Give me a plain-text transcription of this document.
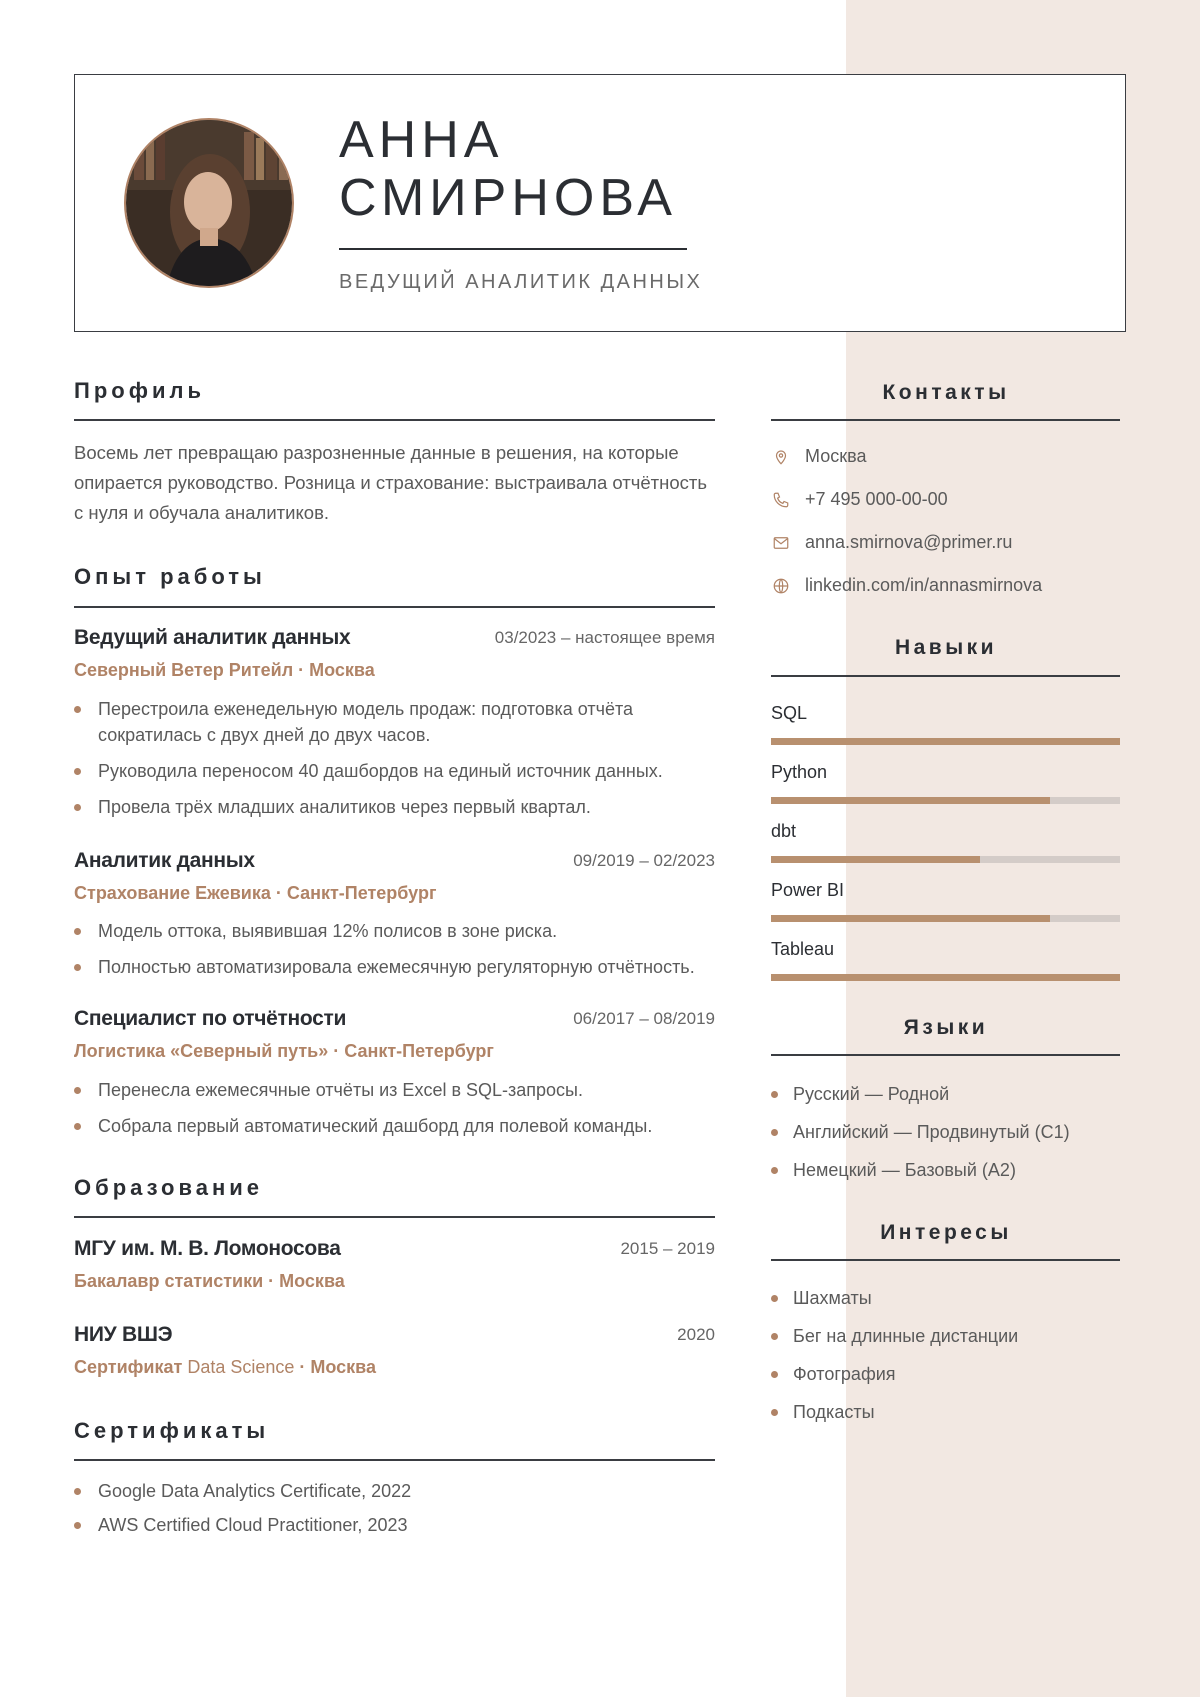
АННА
СМИРНОВА
ВЕДУЩИЙ АНАЛИТИК ДАННЫХ
Профиль
Восемь лет превращаю разрозненные данные в решения, на которые опирается руководство. Розница и страхование: выстраивала отчётность с нуля и обучала аналитиков.
Опыт работы
Ведущий аналитик данных	03/2023 – настоящее время
Северный Ветер Ритейл · Москва
Перестроила еженедельную модель продаж: подготовка отчёта сократилась с двух дней до двух часов.
Руководила переносом 40 дашбордов на единый источник данных.
Провела трёх младших аналитиков через первый квартал.
Аналитик данных	09/2019 – 02/2023
Страхование Ежевика · Санкт-Петербург
Модель оттока, выявившая 12% полисов в зоне риска.
Полностью автоматизировала ежемесячную регуляторную отчётность.
Специалист по отчётности	06/2017 – 08/2019
Логистика «Северный путь» · Санкт-Петербург
Перенесла ежемесячные отчёты из Excel в SQL-запросы.
Собрала первый автоматический дашборд для полевой команды.
Образование
МГУ им. М. В. Ломоносова	2015 – 2019
Бакалавр статистики · Москва
НИУ ВШЭ	2020
Сертификат Data Science · Москва
Сертификаты
Google Data Analytics Certificate, 2022
AWS Certified Cloud Practitioner, 2023
Контакты
Москва
+7 495 000-00-00
anna.smirnova@primer.ru
linkedin.com/in/annasmirnova
Навыки
SQL
Python
dbt
Power BI
Tableau
Языки
Русский — Родной
Английский — Продвинутый (C1)
Немецкий — Базовый (A2)
Интересы
Шахматы
Бег на длинные дистанции
Фотография
Подкасты
